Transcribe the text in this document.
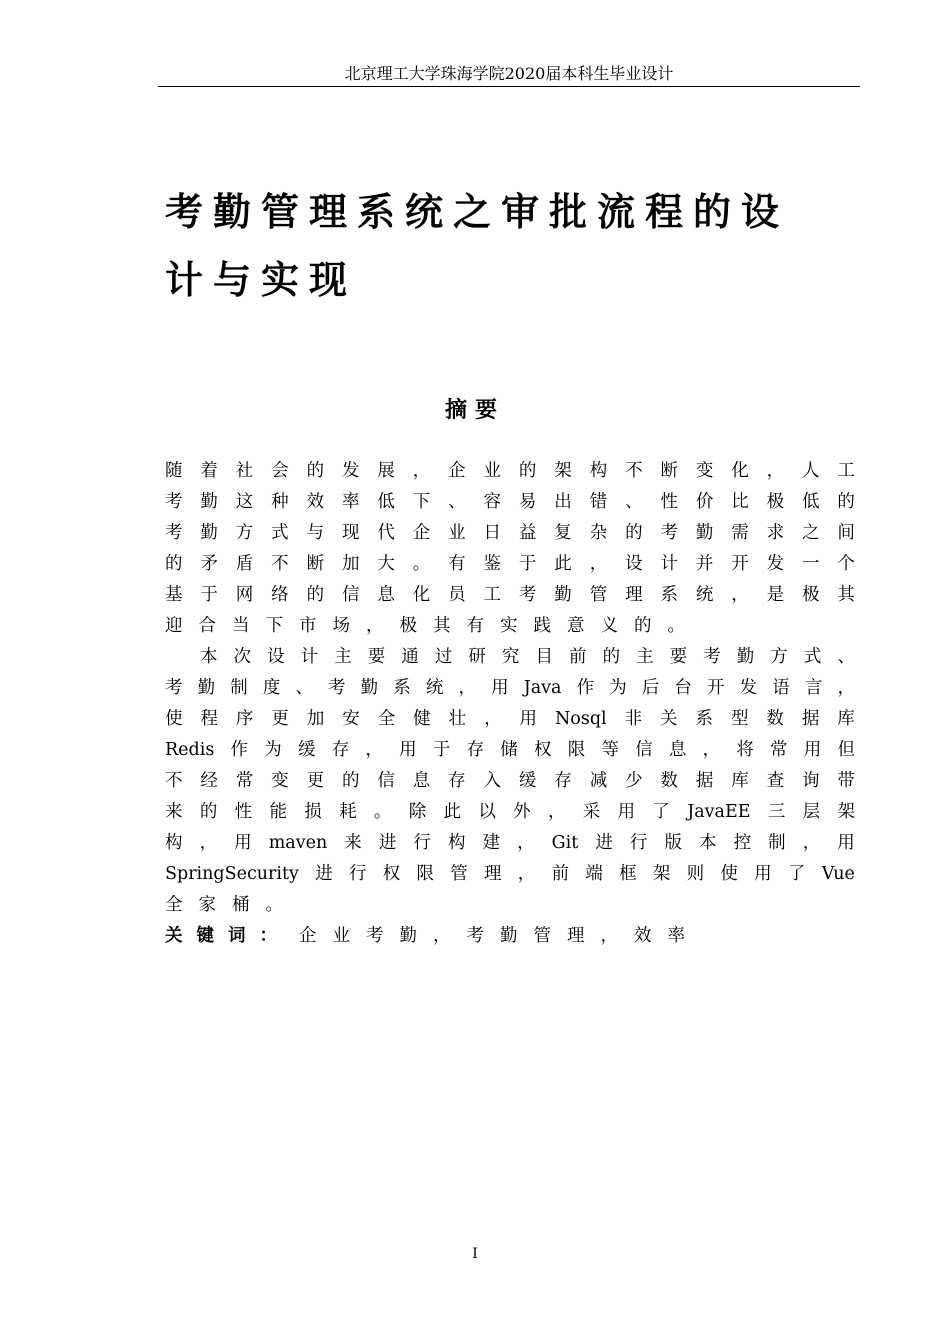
北京理工大学珠海学院2020届本科生毕业设计
考勤管理系统之审批流程的设
计与实现
摘要
随 着 社 会 的 发 展 ， 企 业 的 架 构 不 断 变 化 ， 人 工
考 勤 这 种 效 率 低 下 、 容 易 出 错 、 性 价 比 极 低 的
考 勤 方 式 与 现 代 企 业 日 益 复 杂 的 考 勤 需 求 之 间
的 矛 盾 不 断 加 大 。 有 鉴 于 此 ， 设 计 并 开 发 一 个
基 于 网 络 的 信 息 化 员 工 考 勤 管 理 系 统 ， 是 极 其
迎 合 当 下 市 场 ， 极 其 有 实 践 意 义 的 。
本 次 设 计 主 要 通 过 研 究 目 前 的 主 要 考 勤 方 式 、
考 勤 制 度 、 考 勤 系 统 ， 用 Java 作 为 后 台 开 发 语 言 ，
使 程 序 更 加 安 全 健 壮 ， 用 Nosql 非 关 系 型 数 据 库
Redis 作 为 缓 存 ， 用 于 存 储 权 限 等 信 息 ， 将 常 用 但
不 经 常 变 更 的 信 息 存 入 缓 存 减 少 数 据 库 查 询 带
来 的 性 能 损 耗 。 除 此 以 外 ， 采 用 了 JavaEE 三 层 架
构 ， 用 maven 来 进 行 构 建 ， Git 进 行 版 本 控 制 ， 用
SpringSecurity 进 行 权 限 管 理 ， 前 端 框 架 则 使 用 了 Vue
全 家 桶 。
关键词： 企业考勤，考勤管理，效率
I
